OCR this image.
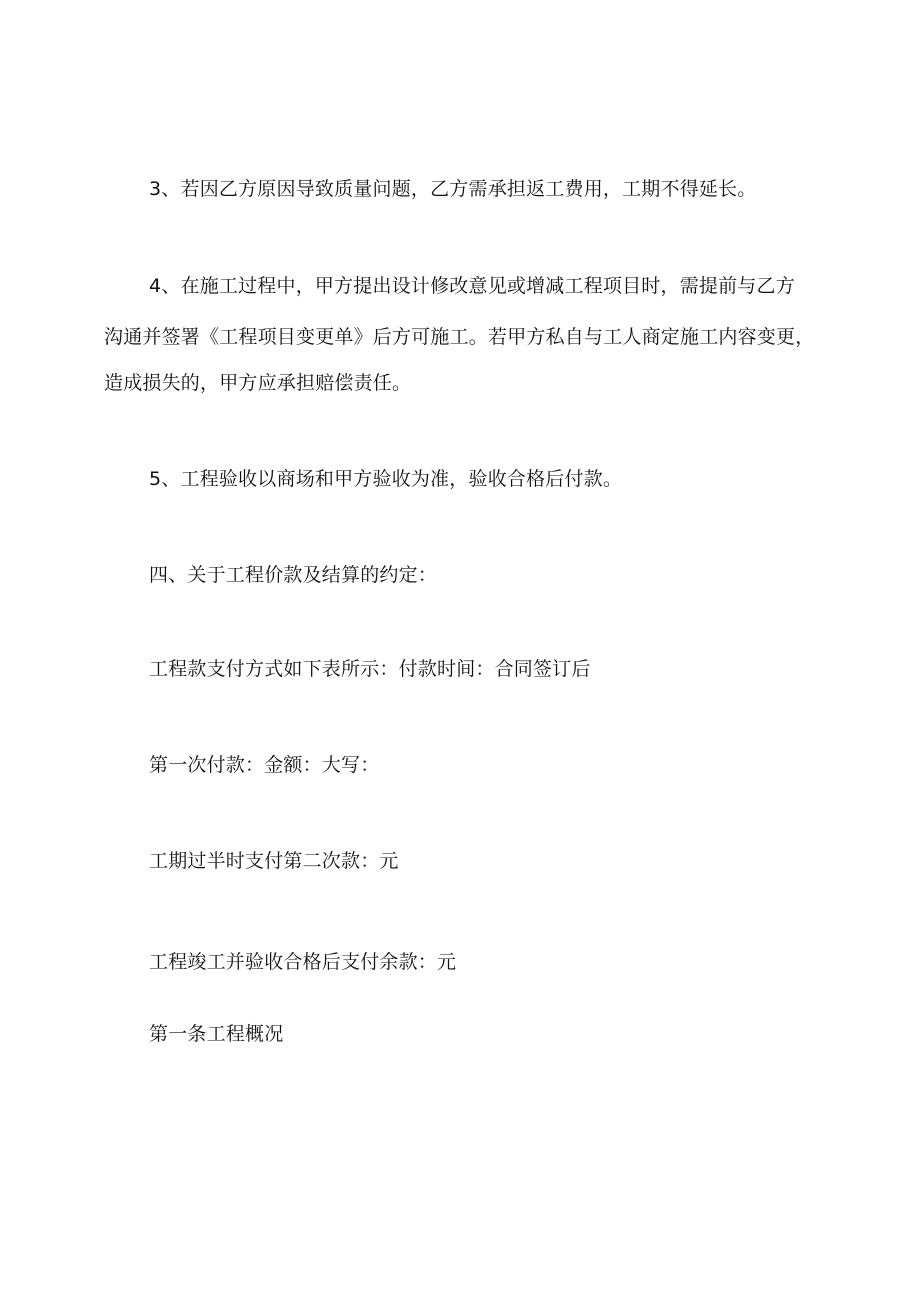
3、若因乙方原因导致质量问题，乙方需承担返工费用，工期不得延长。
4、在施工过程中，甲方提出设计修改意见或增减工程项目时，需提前与乙方
沟通并签署《工程项目变更单》后方可施工。若甲方私自与工人商定施工内容变更，
造成损失的，甲方应承担赔偿责任。
5、工程验收以商场和甲方验收为准，验收合格后付款。
四、关于工程价款及结算的约定：
工程款支付方式如下表所示：付款时间：合同签订后
第一次付款：金额：大写：
工期过半时支付第二次款：元
工程竣工并验收合格后支付余款：元
第一条工程概况
